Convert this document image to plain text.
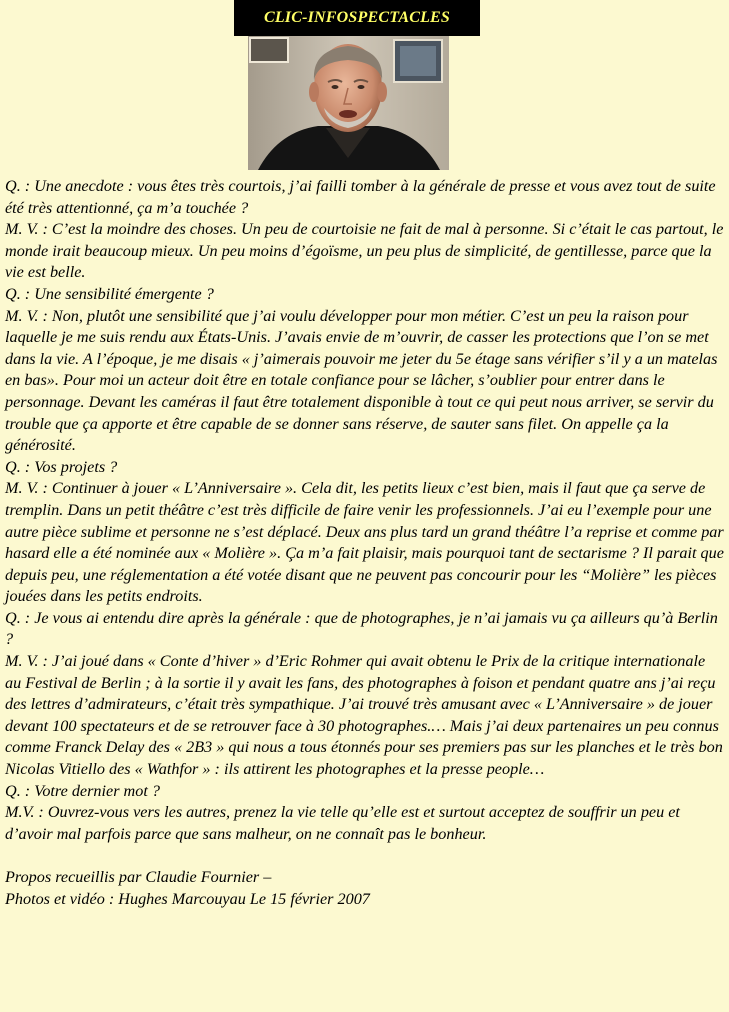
CLIC-INFOSPECTACLES

Q. : Une anecdote : vous êtes très courtois, j’ai failli tomber à la générale de presse et vous avez tout de suite été très attentionné, ça m’a touchée ?

M. V. : C’est la moindre des choses. Un peu de courtoisie ne fait de mal à personne. Si c’était le cas partout, le monde irait beaucoup mieux. Un peu moins d’égoïsme, un peu plus de simplicité, de gentillesse, parce que la vie est belle.

Q. : Une sensibilité émergente ?

M. V. : Non, plutôt une sensibilité que j’ai voulu développer pour mon métier. C’est un peu la raison pour laquelle je me suis rendu aux États-Unis. J’avais envie de m’ouvrir, de casser les protections que l’on se met dans la vie. A l’époque, je me disais « j’aimerais pouvoir me jeter du 5e étage sans vérifier s’il y a un matelas en bas». Pour moi un acteur doit être en totale confiance pour se lâcher, s’oublier pour entrer dans le personnage. Devant les caméras il faut être totalement disponible à tout ce qui peut nous arriver, se servir du trouble que ça apporte et être capable de se donner sans réserve, de sauter sans filet. On appelle ça la générosité.

Q. : Vos projets ?

M. V. : Continuer à jouer « L’Anniversaire ». Cela dit, les petits lieux c’est bien, mais il faut que ça serve de tremplin. Dans un petit théâtre c’est très difficile de faire venir les professionnels. J’ai eu l’exemple pour une autre pièce sublime et personne ne s’est déplacé. Deux ans plus tard un grand théâtre l’a reprise et comme par hasard elle a été nominée aux « Molière ». Ça m’a fait plaisir, mais pourquoi tant de sectarisme ? Il parait que depuis peu, une réglementation a été votée disant que ne peuvent pas concourir pour les “Molière” les pièces jouées dans les petits endroits.

Q. : Je vous ai entendu dire après la générale : que de photographes, je n’ai jamais vu ça ailleurs qu’à Berlin ?

M. V. : J’ai joué dans « Conte d’hiver » d’Eric Rohmer qui avait obtenu le Prix de la critique internationale au Festival de Berlin ; à la sortie il y avait les fans, des photographes à foison et pendant quatre ans j’ai reçu des lettres d’admirateurs, c’était très sympathique. J’ai trouvé très amusant avec « L’Anniversaire » de jouer devant 100 spectateurs et de se retrouver face à 30 photographes.… Mais j’ai deux partenaires un peu connus comme Franck Delay des « 2B3 » qui nous a tous étonnés pour ses premiers pas sur les planches et le très bon Nicolas Vitiello des « Wathfor » : ils attirent les photographes et la presse people…

Q. : Votre dernier mot ?

M.V. : Ouvrez-vous vers les autres, prenez la vie telle qu’elle est et surtout acceptez de souffrir un peu et d’avoir mal parfois parce que sans malheur, on ne connaît pas le bonheur.

Propos recueillis par Claudie Fournier –

Photos et vidéo : Hughes Marcouyau Le 15 février 2007
